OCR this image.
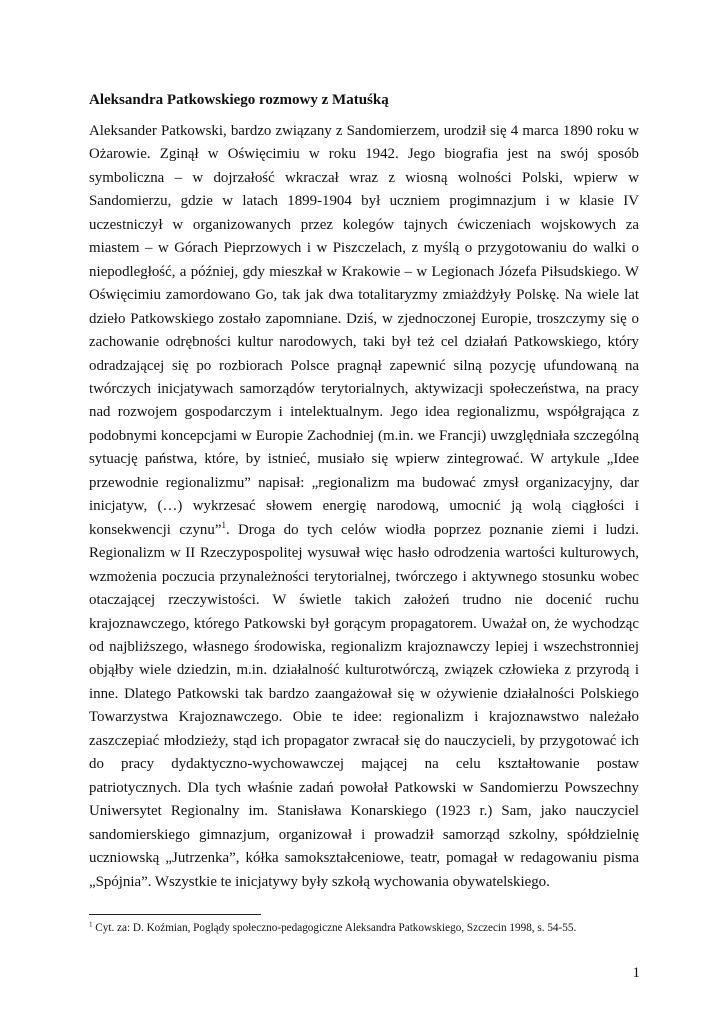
Aleksandra Patkowskiego rozmowy z Matuśką

Aleksander Patkowski, bardzo związany z Sandomierzem, urodził się 4 marca 1890 roku w Ożarowie. Zginął w Oświęcimiu w roku 1942. Jego biografia jest na swój sposób symboliczna – w dojrzałość wkraczał wraz z wiosną wolności Polski, wpierw w Sandomierzu, gdzie w latach 1899-1904 był uczniem progimnazjum i w klasie IV uczestniczył w organizowanych przez kolegów tajnych ćwiczeniach wojskowych za miastem – w Górach Pieprzowych i w Piszczelach, z myślą o przygotowaniu do walki o niepodległość, a później, gdy mieszkał w Krakowie – w Legionach Józefa Piłsudskiego. W Oświęcimiu zamordowano Go, tak jak dwa totalitaryzmy zmiażdżyły Polskę. Na wiele lat dzieło Patkowskiego zostało zapomniane. Dziś, w zjednoczonej Europie, troszczymy się o zachowanie odrębności kultur narodowych, taki był też cel działań Patkowskiego, który odradzającej się po rozbiorach Polsce pragnął zapewnić silną pozycję ufundowaną na twórczych inicjatywach samorządów terytorialnych, aktywizacji społeczeństwa, na pracy nad rozwojem gospodarczym i intelektualnym. Jego idea regionalizmu, współgrająca z podobnymi koncepcjami w Europie Zachodniej (m.in. we Francji) uwzględniała szczególną sytuację państwa, które, by istnieć, musiało się wpierw zintegrować. W artykule „Idee przewodnie regionalizmu” napisał: „regionalizm ma budować zmysł organizacyjny, dar inicjatyw, (…) wykrzesać słowem energię narodową, umocnić ją wolą ciągłości i konsekwencji czynu”$^1$. Droga do tych celów wiodła poprzez poznanie ziemi i ludzi. Regionalizm w II Rzeczypospolitej wysuwał więc hasło odrodzenia wartości kulturowych, wzmożenia poczucia przynależności terytorialnej, twórczego i aktywnego stosunku wobec otaczającej rzeczywistości. W świetle takich założeń trudno nie docenić ruchu krajoznawczego, którego Patkowski był gorącym propagatorem. Uważał on, że wychodząc od najbliższego, własnego środowiska, regionalizm krajoznawczy lepiej i wszechstronniej objąłby wiele dziedzin, m.in. działalność kulturotwórczą, związek człowieka z przyrodą i inne. Dlatego Patkowski tak bardzo zaangażował się w ożywienie działalności Polskiego Towarzystwa Krajoznawczego. Obie te idee: regionalizm i krajoznawstwo należało zaszczepiać młodzieży, stąd ich propagator zwracał się do nauczycieli, by przygotować ich do pracy dydaktyczno-wychowawczej mającej na celu kształtowanie postaw patriotycznych. Dla tych właśnie zadań powołał Patkowski w Sandomierzu Powszechny Uniwersytet Regionalny im. Stanisława Konarskiego (1923 r.) Sam, jako nauczyciel sandomierskiego gimnazjum, organizował i prowadził samorząd szkolny, spółdzielnię uczniowską „Jutrzenka”, kółka samokształceniowe, teatr, pomagał w redagowaniu pisma „Spójnia”. Wszystkie te inicjatywy były szkołą wychowania obywatelskiego.

$^1$ Cyt. za: D. Koźmian, Poglądy społeczno-pedagogiczne Aleksandra Patkowskiego, Szczecin 1998, s. 54-55.
1
